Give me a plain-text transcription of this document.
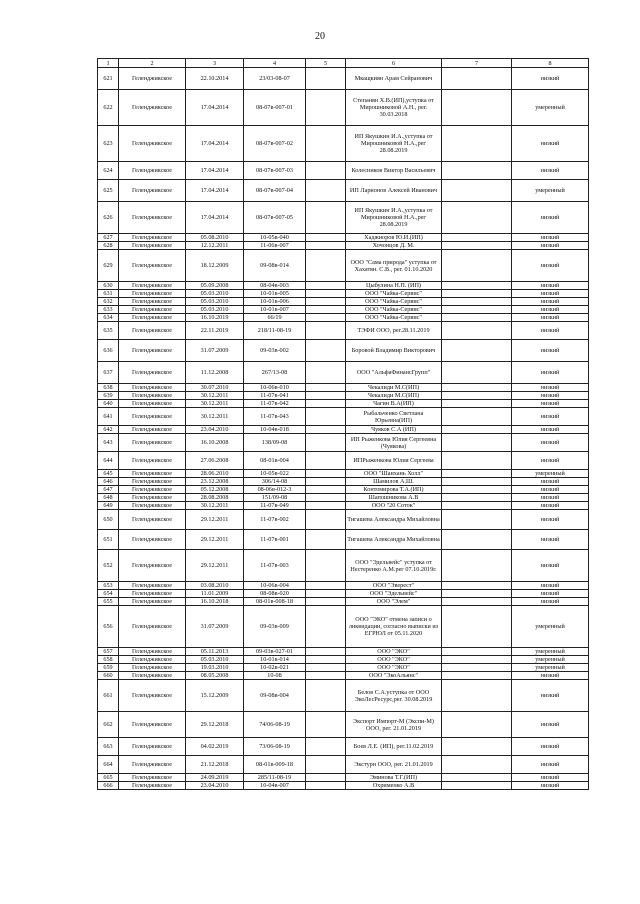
20
1	2	3	4	5	6	7	8
621	Геленджикское	22.10.2014	23/03-08-07		Мкащкиян Арам Сейранович		низкий
622	Геленджикское	17.04.2014	08-07в-007-01		Степанян Х.В.(ИП),уступка от Мирошниковой А.Н., рег. 30.03.2018		умеренный
623	Геленджикское	17.04.2014	08-07в-007-02		ИП Якушкин И.А.,уступка от Мирошниковой Н.А.,рег 28.08.2019		низкий
624	Геленджикское	17.04.2014	08-07в-007-03		Колесников Виктор Васильевич		низкий
625	Геленджикское	17.04.2014	08-07в-007-04		ИП Ларионов Алексей Иванович		умеренный
626	Геленджикское	17.04.2014	08-07в-007-05		ИП Якушкин И.А.,уступка от Мирошниковой Н.А.,рег 28.08.2019		низкий
627	Геленджикское	05.08.2010	10-05в-040		Хаджиоров Ю.И.(ИП)		низкий
628	Геленджикское	12.12.2011	11-06в-007		Хочонцов Д. М.		низкий
629	Геленджикское	18.12.2009	09-08в-014		ООО "Сама природа" уступка от Хахатян. С.В., рег. 01.10.2020		низкий
630	Геленджикское	05.09.2008	08-04в-003		Цыбулина Н.П. (ИП)		низкий
631	Геленджикское	05.03.2010	10-01в-005		ООО "Чайка-Сервис"		низкий
632	Геленджикское	05.03.2010	10-01в-006		ООО "Чайка-Сервис"		низкий
633	Геленджикское	05.03.2010	10-01в-007		ООО "Чайка-Сервис"		низкий
634	Геленджикское	16.10.2019	66/19		ООО "Чайка-Сервис"		низкий
635	Геленджикское	22.11.2019	218/11-08-19		ТЭФИ ООО, рег.28.11.2019		низкий
636	Геленджикское	31.07.2009	09-03в-002		Боровой Владимир Викторович		низкий
637	Геленджикское	11.12.2008	267/13-08		ООО "АльфаФинансГрупп"		низкий
638	Геленджикское	30.07.2010	10-06в-010		Чекалиди М.С(ИП)		низкий
639	Геленджикское	30.12.2011	11-07в-041		Чекалиди М.С(ИП)		низкий
640	Геленджикское	30.12.2011	11-07в-042		Чагин В.А(ИП)		низкий
641	Геленджикское	30.12.2011	11-07в-043		Рыбальченко Светлана Юрьевна(ИП)		низкий
642	Геленджикское	23.04.2010	10-04в-018		Чуяков С.А (ИП)		низкий
643	Геленджикское	16.10.2008	138/09-08		ИП Рыженкова Юлия Сергеевна (Чуякова)		низкий
644	Геленджикское	27.06.2008	08-01в-004		ИПРыженкова Юлия Сергеева		низкий
645	Геленджикское	28.06.2010	10-05в-022		ООО "Шанхань Холл"		умеренный
646	Геленджикское	23.12.2008	306/14-08		Шамилов А.Ш.		низкий
647	Геленджикское	05.12.2008	08-06в-012-3		Контомирова Т.А.(ИП)		низкий
648	Геленджикское	28.08.2008	151/09-08		Шапошникова А.В		низкий
649	Геленджикское	30.12.2011	11-07в-049		ООО "20 Соток"		низкий
650	Геленджикское	29.12.2011	11-07в-002		Тигашева Александра Михайловна		низкий
651	Геленджикское	29.12.2011	11-07в-001		Тигашева Александра Михайловна		низкий
652	Геленджикское	29.12.2011	11-07в-003		ООО "Эдельвейс" уступка от Нестеренко А.М.рег 07.10.2019г.		низкий
653	Геленджикское	03.08.2010	10-06в-004		ООО "Эверест"		низкий
654	Геленджикское	11.01.2009	08-08в-020		ООО "Эдельвейс"		низкий
655	Геленджикское	16.10.2018	08-01в-008-18		ООО "Элем"		низкий
656	Геленджикское	31.07.2009	09-03в-009		ООО "ЭКО" отмена записи о ликвидации, согласно выписки из ЕГРЮЛ от 05.11.2020		умеренный
657	Геленджикское	05.11.2013	09-03в-027-01		ООО "ЭКО"		умеренный
658	Геленджикское	05.03.2010	10-01в-014		ООО "ЭКО"		умеренный
659	Геленджикское	19.03.2010	10-02в-021		ООО "ЭКО"		умеренный
660	Геленджикское	08.05.2008	10-08		ООО "ЭкоАльянс"		низкий
661	Геленджикское	15.12.2009	09-08в-004		Белов С.А.уступка от ООО ЭкоЛесРесурс,рег. 30.08.2019		низкий
662	Геленджикское	29.12.2018	74/06-08-19		Экспорт Импорт-М (Экспи-М) ООО, рег. 21.01.2019		низкий
663	Геленджикское	04.02.2019	73/06-08-19		Боев Л.Е. (ИП), рег.11.02.2019		низкий
664	Геленджикское	21.12.2018	08-01в-009-18		Экстурн ООО, рег. 21.01.2019		низкий
665	Геленджикское	24.09.2019	285/11-08-19		Эминова Т.Г.(ИП)		низкий
666	Геленджикское	23.04.2010	10-04в-007		Охрименко А.В		низкий
